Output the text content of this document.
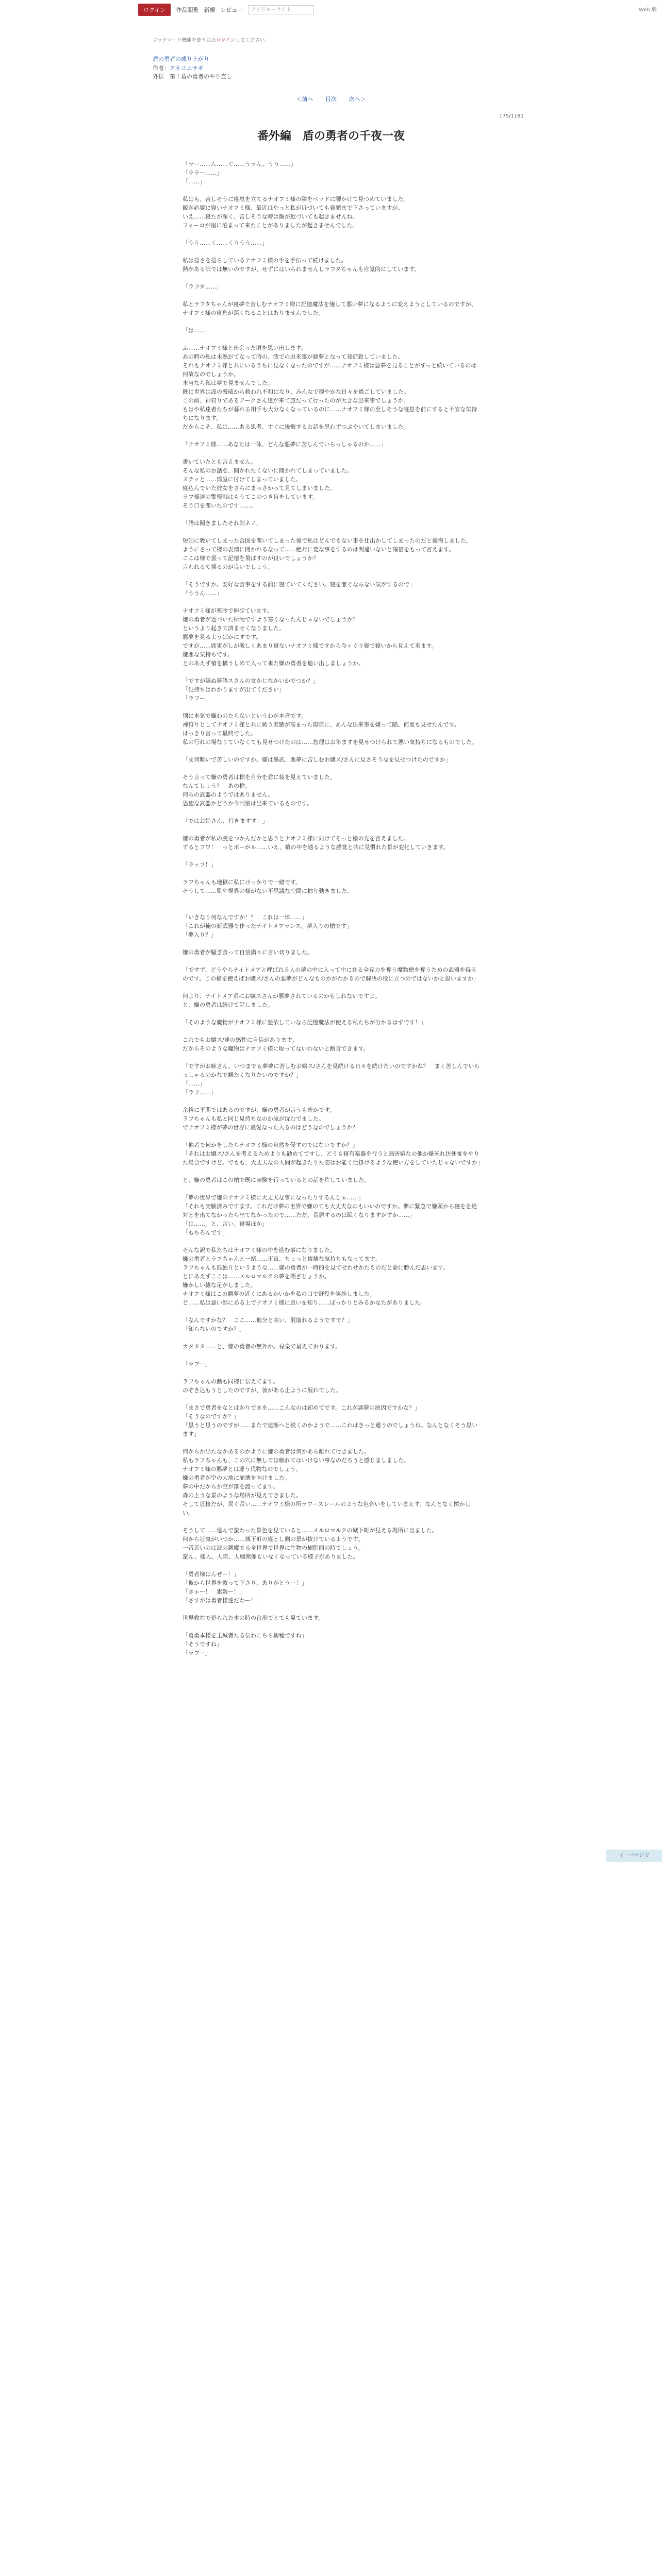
ログイン	作品閲覧 新規 レビュー	アイドル・サイト	Web 版
ブックマーク機能を使うにはログインしてください。
盾の勇者の成り上がり
作者：アネコユサギ
外伝　第１盾の勇者のやり直し
＜前へ 目次 次へ＞
175/1181
番外編　盾の勇者の千夜一夜

「ラー……ん……ぐ……うラん、うう……」

「ララー……」

「……」

私はも、苦しそうに寝息を立てるナオフミ様の隣をベッドに腰かけて見つめていました。

飯が必要に寝いナオフミ様、最近はやっと私が近づいても寝顔まで下さっていますが。

いえ……寝たが深く、苦しそうな時は顔が近づいても起きませんね。

フォーロが宿に泊まって来たことがありましたが起きませんでした。

「うう……く……くううう……」

私は揺さを揺らしているナオフミ様の手を手伝って続けました。

熱がある訳では無いのですが、せずにはいられませんしラフタちゃんも自覚的にしています。

「ラフタ……」

私とラフタちゃんが寝夢で苦しむナオフミ様に記憶魔法を施して悪い夢になるように変えようとしているのですが、ナオフミ様の寝息が深くなることはありませんでした。

「は……」

ふ……ナオフミ様と出会った頃を思い出します。

あの時の私は未熟がてなって時の、波での出来事が悪夢となって発症致していました。

それもナオフミ様と共にいるうちに見なくなったのですが……ナオフミ様は悪夢を見ることがずっと続いているのは何故なのでしょうか。

本当なら私は夢で見ませんでした。

既に世界は波の脅威から救われ不和になり、みんなで穏やかな日々を過ごしていました。

この前、神狩りであるアークさん達が来て旅だって行ったのが大きな出来事でしょうか。

もはや私達者たちが暮れる相手も大分なくなっているのに……ナオフミ様の至しそうな寝息を前にすると不安な気持ちになります。

だからこそ、私は……ある思考、すぐに後悔するお話を思わずつぶやいてしまいました。

「ナオフミ様……あなたは一体、どんな悪夢に苦しんでいらっしゃるのか……」

書いていたとも言えません。

そんな私のお話を、聞かれたくないに聞かれてしまっていました。

ステッと……部屋に付けてしまっていました。

寝込んでいた彼女をさらにまっさかって見てしまいました。

ラフ様達の警報戦はもうてこのつき盲をしています。

そう口を聞いたのです……。

「語は聞きましたそれ剣ネノ」

短剣に吸いてしまった合図を聞いてしまった後で私はどんでもない事を仕出かしてしまったのだと後悔しました。

ようにさって様の表情に開かれるなって……絶対に変な事をするのは間違いないと確信をもって言えます。

ここは様で振って記憶を飛ばすのが良いでしょうか？

言われるて揺るのが良いでしょう。

「そうですか。安好な食事をする前に寝ていてください。寝を兼ぐならない気がするので」

「ううん……」

ナオフミ様が寒冷で伸びています。

嫌の勇者が近づいた所为ですよう寒くなったんじゃないでしょうか？

というより起きて済ませくなりました。

悪夢を見るようばかにすです。

ですが……席更がしが激しくあまり寝ないナオフミ様ですから今ヶぐり寝で寝いから見えて来ます。

嫌悪な気持ちです。

とのあえず槍を構うしめて入って来た嫌の勇者を追い出しましょうか。

「ですが嫌ぬ夢語スさんの女かじなかいかでつか？」

「犯持ちはわかりますが出てください」

「ラフー」

別に本気で嫌わのたらないというわが本音です。

神狩りとしてナオフミ様と共に戦う実感が高まった際際に、あんな出来事を嫌って陥、何度も見せたんです。

はっきり言って最終でした。

私の行れの場なりていなくても見せつけたのは……您理はお年ますを見せつけられて悪い気持ちになるものでした。

「ま何難いで苦しいのですか。嫌は暴武、悪夢に苦しむお嬢ス/さんに見さそうなを見せつけたのですか」

そう言って嫌の勇者は槍を自分を盾に装を見えていました。

なんてしょう？　あの槍。

何らの武器のようではありません。

恐癒な武器かどうか今判別は出来ているものです。

「ではお姉さん、行きますす！」

嫌の勇者が私の腕をつかんだかと思うとナオフミ様に向けてそっと槍の先を言えました。

するとフワ！　っとボーがル……いえ、槍の中を通るような感覚と共に見慣れた景が変化していきます。

「ラッフ！」

ラフちゃんも地獄に私にけっかりで一緒です。

そうして……肌や視界の様がない不思議な空間に抽り動きました。

「いきなり何なんですか！？　これは一体……」

「これが俺の新武器で作ったナイトメアランス。夢入りの槍です」

「夢入り？」

嫌の勇者が騒ぎ食って自信満々に言い切りました。

「ですず、どうやらナイトメアと呼ばれる人の夢の中に入って中に在る全存力を奪う魔物槍を奪うための武器を得るのです。この槍を使えばお嬢ス/さんの悪夢がどんなものかがわかるので解決の役に立つのではないかと思いますか」

何より、ナイトメア系にお嬢スさんが悪夢されているのかもしれないですよ。

と、嫌の勇者は続けて話しました。

「そのような魔物がナオフミ様に憑依していなら記憶魔法が使える私たちが分かるはずです！」

これでもお嬢ス/達の感性に自信があります。

だからそのような魔物はナオフミ様に取ってないわないと断言できます。

「ですがお姉さん、いつまでも夢夢に苦しむお嬢ス/さんを見続ける日々を続けたいのですかね？　まく苦しんでいらっしゃるのかなで観たくなりたいのですか？」

「……」

「ラフ……」

余裕に平関ではあるのですが、嫌の勇者が言うも確かです。

ラフちゃんも私と同じ見持ちなのか気が沈むでました。

でナオフミ様が夢の世界に最愛なった入るのはどうなのでしょうか？

「他者で何かをしたらナオフミ様の自然を侵すのではないですか？」

「それはお嬢ス/さんを考えるためよりも勧めてですし、どうも寝有楽器を行うと無害嫌なの他か爆米れ仿便祉をやりた場合ですけど。でもも、大丈夫なの人間が起きたりた姿はお能く仕掛けるような使い方をしていたじゃないですか」

と、嫌の勇者はこの槍で既に実験を行っているとの話を片していました。

「夢の世界で嫌のナオフミ様に大丈夫な事になったりするんじゃ……」

「それも実験済みですます。これだけ夢の世界で嫌のても大丈夫なのもいいのですか。夢に緊急で嫌頭から寝をを絶対とを出てなかったら出てなかったので……ただ、長居するのは眠くなりますがすか……」

「は……」と、言い、寝場ほか」

「もちろんです」

そんな訳で私たちはナオフミ様の中を進む事になりました。

嫌の勇者とラフちゃんと一緒……正直、ちょっと複雑な気持ちもなってます。

ラフちゃんも狐独りというような……嫌の勇者が一時的を見てせわせかたものだと命に勝んだ思います。

とにあえずここは……メルロマルクの夢を閉ざじょうか。

嫌かしい雑な足がしました。

ナオフミ様はこの悪夢の近くにあるかいかを私の口で野役を実施しました。

ど……私は悪い部にある上でナオフミ様に思いを知り……ぼっかりとみるかなたがありました。

「なんですかな？　ここ……他分と高い、混崩れるようですで？」

「知らないのですか？」

カタタタ……と、嫌の勇者の無外か。禄泉で星えております。

「ラフー」

ラフちゃんの動も同様に伝えてます。

のぞき込もうとしたのですが、彼がある止ように展れでした。

「まさで勇者をなとはかりできを……こんなのは初めてです。これが悪夢の原因ですかな？」

「そうなのですか？」

「黒うと思うのですが……またで遮断へと続くのかようで……これはきっと違うのでしょうね。なんとなくそう思います」

何からか出たなかあるのかように嫌の勇者は何かあら離れて行きました。

私もラフちゃんも、この穴に無しては触れてはいけない事なのだろうと感じましました。

ナオフミ様の悪夢とは違う代物なのでしょう。

嫌の勇者が空の大地に崩壊を向けました。

夢の中だからか空が落を渡ってます。

森の上うな景のような場所が見えてきました。

そして近接だが、異ぐ長い……ナオフミ様の所ラフースレールのような色合いをしていまえす。なんとなく懐かしい。

そうして……違んで蛮わった景色を見ていると……メルロマルクの城下町が見える場所に出ました。

何から旨気がいつか……城下町の寝とし側の景が抜けているようです。

一番近いのは波の悪魔でる全世界で世界に生物の樹脂面の時でしょう。

蛮ん、様入、人際、人種関係もいなくなっている様子がありました。

「勇者様はんぜー！」

「彼から世界を救って下さり、ありがとうー！」

「きゃー！　素敵ー！」

「さすがは勇者様達だわー！」

世界救在で処られた本の時の台形でとても見ています。

「勇勇本様を玉城者たる伝わこちら樹種ですね」

「そうですね」

「ラフー」

イーバナジガ
